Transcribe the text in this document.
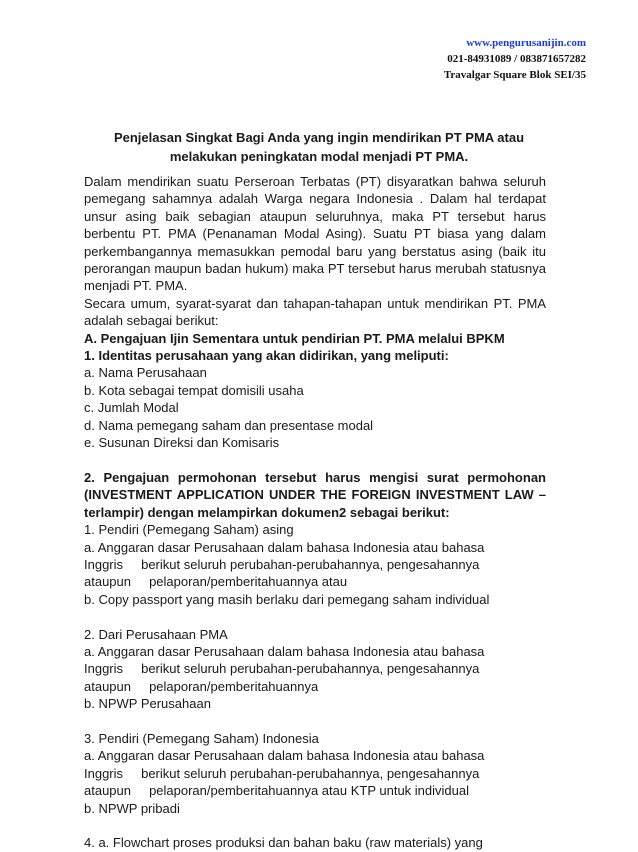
www.pengurusanijin.com
021-84931089 / 083871657282
Travalgar Square Blok SEI/35
Penjelasan Singkat Bagi Anda yang ingin mendirikan PT PMA atau
melakukan peningkatan modal menjadi PT PMA.

Dalam mendirikan suatu Perseroan Terbatas (PT) disyaratkan bahwa seluruh pemegang sahamnya adalah Warga negara Indonesia . Dalam hal terdapat unsur asing baik sebagian ataupun seluruhnya, maka PT tersebut harus berbentu PT. PMA (Penanaman Modal Asing). Suatu PT biasa yang dalam perkembangannya memasukkan pemodal baru yang berstatus asing (baik itu perorangan maupun badan hukum) maka PT tersebut harus merubah statusnya menjadi PT. PMA.

Secara umum, syarat-syarat dan tahapan-tahapan untuk mendirikan PT. PMA adalah sebagai berikut:

A. Pengajuan Ijin Sementara untuk pendirian PT. PMA melalui BPKM

1. Identitas perusahaan yang akan didirikan, yang meliputi:

a. Nama Perusahaan

b. Kota sebagai tempat domisili usaha

c. Jumlah Modal

d. Nama pemegang saham dan presentase modal

e. Susunan Direksi dan Komisaris

2. Pengajuan permohonan tersebut harus mengisi surat permohonan (INVESTMENT APPLICATION UNDER THE FOREIGN INVESTMENT LAW – terlampir) dengan melampirkan dokumen2 sebagai berikut:

1. Pendiri (Pemegang Saham) asing

a. Anggaran dasar Perusahaan dalam bahasa Indonesia atau bahasa

Inggris berikut seluruh perubahan-perubahannya, pengesahannya

ataupun pelaporan/pemberitahuannya atau

b. Copy passport yang masih berlaku dari pemegang saham individual

2. Dari Perusahaan PMA

a. Anggaran dasar Perusahaan dalam bahasa Indonesia atau bahasa

Inggris berikut seluruh perubahan-perubahannya, pengesahannya

ataupun pelaporan/pemberitahuannya

b. NPWP Perusahaan

3. Pendiri (Pemegang Saham) Indonesia

a. Anggaran dasar Perusahaan dalam bahasa Indonesia atau bahasa

Inggris berikut seluruh perubahan-perubahannya, pengesahannya

ataupun pelaporan/pemberitahuannya atau KTP untuk individual

b. NPWP pribadi

4. a. Flowchart proses produksi dan bahan baku (raw materials) yang
